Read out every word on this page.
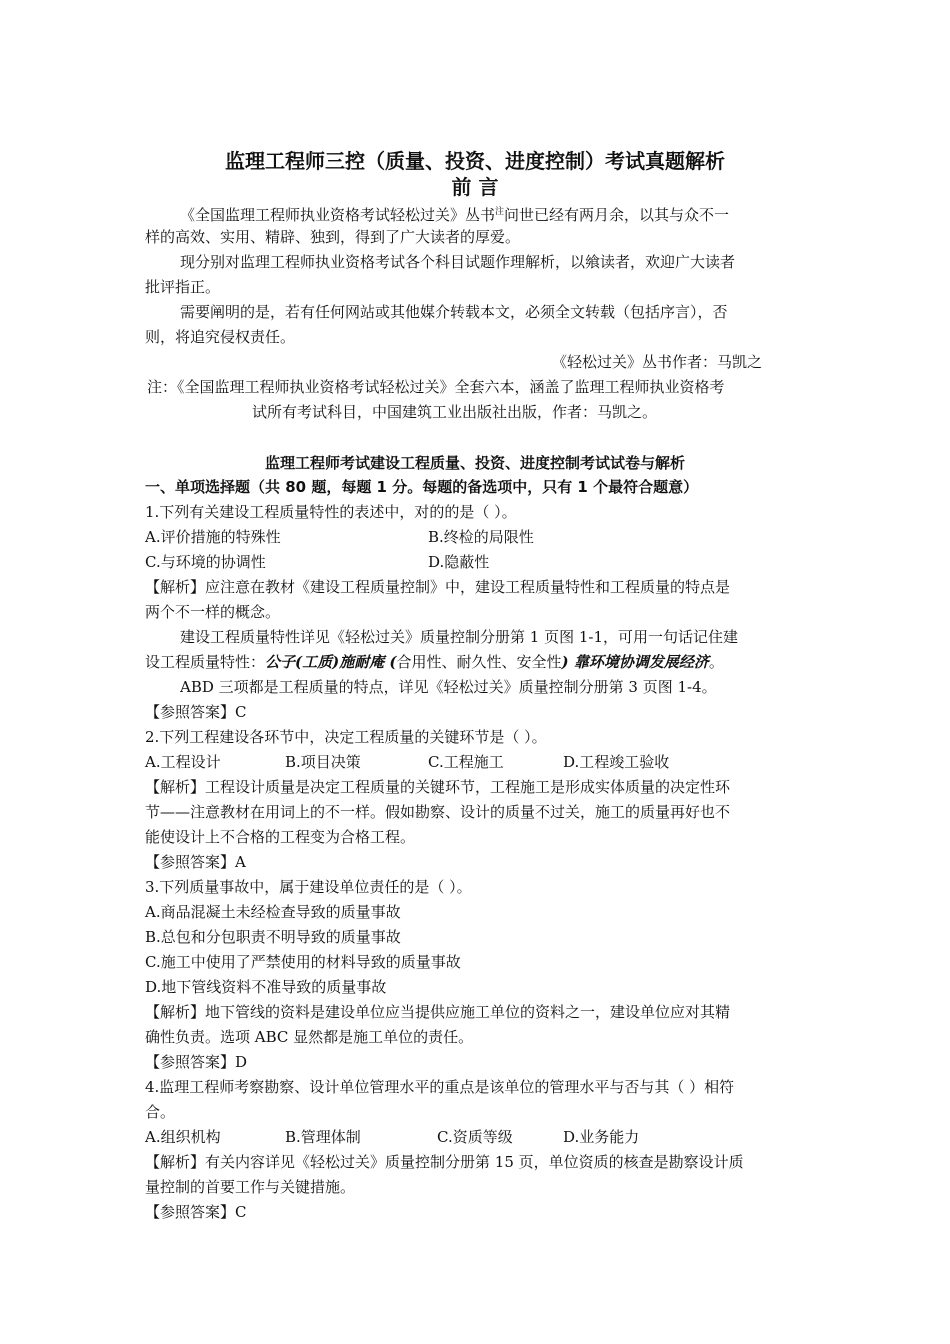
监理工程师三控（质量、投资、进度控制）考试真题解析
前 言
《全国监理工程师执业资格考试轻松过关》丛书$^注$问世已经有两月余，以其与众不一
样的高效、实用、精辟、独到，得到了广大读者的厚爱。
现分别对监理工程师执业资格考试各个科目试题作理解析，以飨读者，欢迎广大读者
批评指正。
需要阐明的是，若有任何网站或其他媒介转载本文，必须全文转载（包括序言），否
则，将追究侵权责任。
《轻松过关》丛书作者：马凯之
注：《全国监理工程师执业资格考试轻松过关》全套六本，涵盖了监理工程师执业资格考
试所有考试科目，中国建筑工业出版社出版，作者：马凯之。
监理工程师考试建设工程质量、投资、进度控制考试试卷与解析
一、单项选择题（共 80 题，每题 1 分。每题的备选项中，只有 1 个最符合题意）
1.下列有关建设工程质量特性的表述中，对的的是（ ）。
A.评价措施的特殊性	B.终检的局限性
C.与环境的协调性	D.隐蔽性
【解析】应注意在教材《建设工程质量控制》中，建设工程质量特性和工程质量的特点是
两个不一样的概念。
建设工程质量特性详见《轻松过关》质量控制分册第 1 页图 1-1，可用一句话记住建
设工程质量特性：公子(工质)施耐庵 (合用性、耐久性、安全性) 靠环境协调发展经济。
ABD 三项都是工程质量的特点，详见《轻松过关》质量控制分册第 3 页图 1-4。
【参照答案】C
2.下列工程建设各环节中，决定工程质量的关键环节是（ ）。
A.工程设计	B.项目决策	C.工程施工	D.工程竣工验收
【解析】工程设计质量是决定工程质量的关键环节，工程施工是形成实体质量的决定性环
节——注意教材在用词上的不一样。假如勘察、设计的质量不过关，施工的质量再好也不
能使设计上不合格的工程变为合格工程。
【参照答案】A
3.下列质量事故中，属于建设单位责任的是（ ）。
A.商品混凝土未经检查导致的质量事故
B.总包和分包职责不明导致的质量事故
C.施工中使用了严禁使用的材料导致的质量事故
D.地下管线资料不准导致的质量事故
【解析】地下管线的资料是建设单位应当提供应施工单位的资料之一，建设单位应对其精
确性负责。选项 ABC 显然都是施工单位的责任。
【参照答案】D
4.监理工程师考察勘察、设计单位管理水平的重点是该单位的管理水平与否与其（ ）相符
合。
A.组织机构	B.管理体制	C.资质等级	D.业务能力
【解析】有关内容详见《轻松过关》质量控制分册第 15 页，单位资质的核查是勘察设计质
量控制的首要工作与关键措施。
【参照答案】C
